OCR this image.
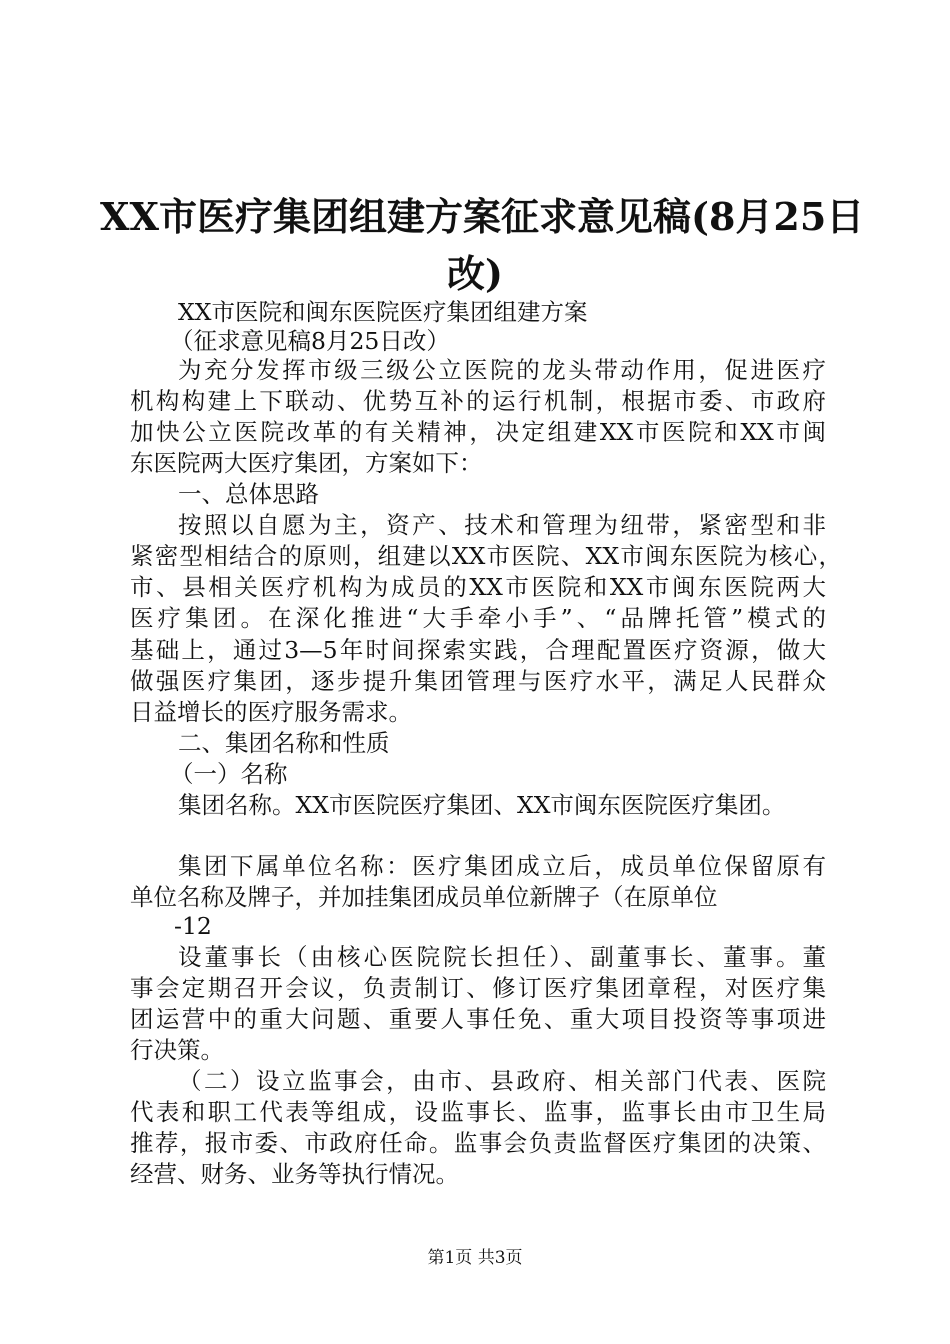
XX市医疗集团组建方案征求意见稿(8月25日
改)
XX市医院和闽东医院医疗集团组建方案
（征求意见稿8月25日改）
为充分发挥市级三级公立医院的龙头带动作用，促进医疗
机构构建上下联动、优势互补的运行机制，根据市委、市政府
加快公立医院改革的有关精神，决定组建XX市医院和XX市闽
东医院两大医疗集团，方案如下：
一、总体思路
按照以自愿为主，资产、技术和管理为纽带，紧密型和非
紧密型相结合的原则，组建以XX市医院、XX市闽东医院为核心，
市、县相关医疗机构为成员的XX市医院和XX市闽东医院两大
医疗集团。在深化推进“大手牵小手”、“品牌托管”模式的
基础上，通过3—5年时间探索实践，合理配置医疗资源，做大
做强医疗集团，逐步提升集团管理与医疗水平，满足人民群众
日益增长的医疗服务需求。
二、集团名称和性质
（一）名称
集团名称。XX市医院医疗集团、XX市闽东医院医疗集团。
集团下属单位名称：医疗集团成立后，成员单位保留原有
单位名称及牌子，并加挂集团成员单位新牌子（在原单位
-12
设董事长（由核心医院院长担任）、副董事长、董事。董
事会定期召开会议，负责制订、修订医疗集团章程，对医疗集
团运营中的重大问题、重要人事任免、重大项目投资等事项进
行决策。
（二）设立监事会，由市、县政府、相关部门代表、医院
代表和职工代表等组成，设监事长、监事，监事长由市卫生局
推荐，报市委、市政府任命。监事会负责监督医疗集团的决策、
第1页 共3页
经营、财务、业务等执行情况。
